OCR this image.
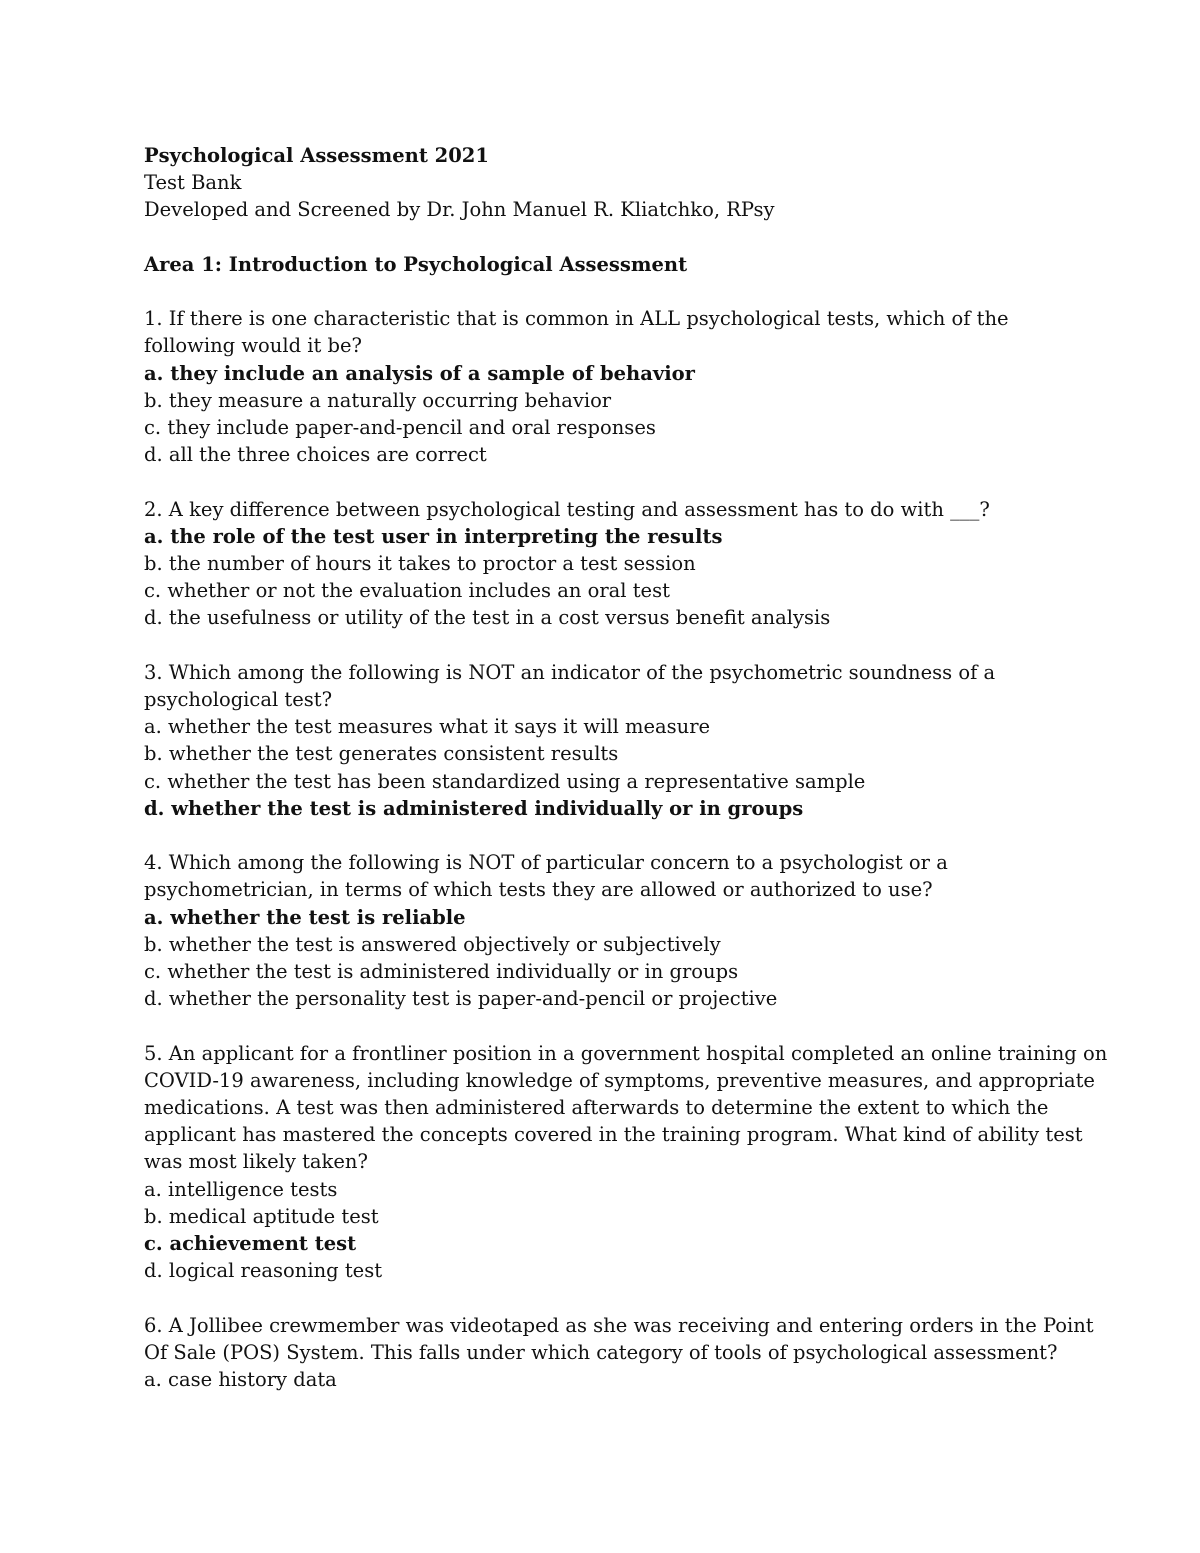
Psychological Assessment 2021
Test Bank
Developed and Screened by Dr. John Manuel R. Kliatchko, RPsy
Area 1: Introduction to Psychological Assessment
1. If there is one characteristic that is common in ALL psychological tests, which of the
following would it be?
a. they include an analysis of a sample of behavior
b. they measure a naturally occurring behavior
c. they include paper-and-pencil and oral responses
d. all the three choices are correct
2. A key difference between psychological testing and assessment has to do with ___?
a. the role of the test user in interpreting the results
b. the number of hours it takes to proctor a test session
c. whether or not the evaluation includes an oral test
d. the usefulness or utility of the test in a cost versus benefit analysis
3. Which among the following is NOT an indicator of the psychometric soundness of a
psychological test?
a. whether the test measures what it says it will measure
b. whether the test generates consistent results
c. whether the test has been standardized using a representative sample
d. whether the test is administered individually or in groups
4. Which among the following is NOT of particular concern to a psychologist or a
psychometrician, in terms of which tests they are allowed or authorized to use?
a. whether the test is reliable
b. whether the test is answered objectively or subjectively
c. whether the test is administered individually or in groups
d. whether the personality test is paper-and-pencil or projective
5. An applicant for a frontliner position in a government hospital completed an online training on
COVID-19 awareness, including knowledge of symptoms, preventive measures, and appropriate
medications. A test was then administered afterwards to determine the extent to which the
applicant has mastered the concepts covered in the training program. What kind of ability test
was most likely taken?
a. intelligence tests
b. medical aptitude test
c. achievement test
d. logical reasoning test
6. A Jollibee crewmember was videotaped as she was receiving and entering orders in the Point
Of Sale (POS) System. This falls under which category of tools of psychological assessment?
a. case history data
